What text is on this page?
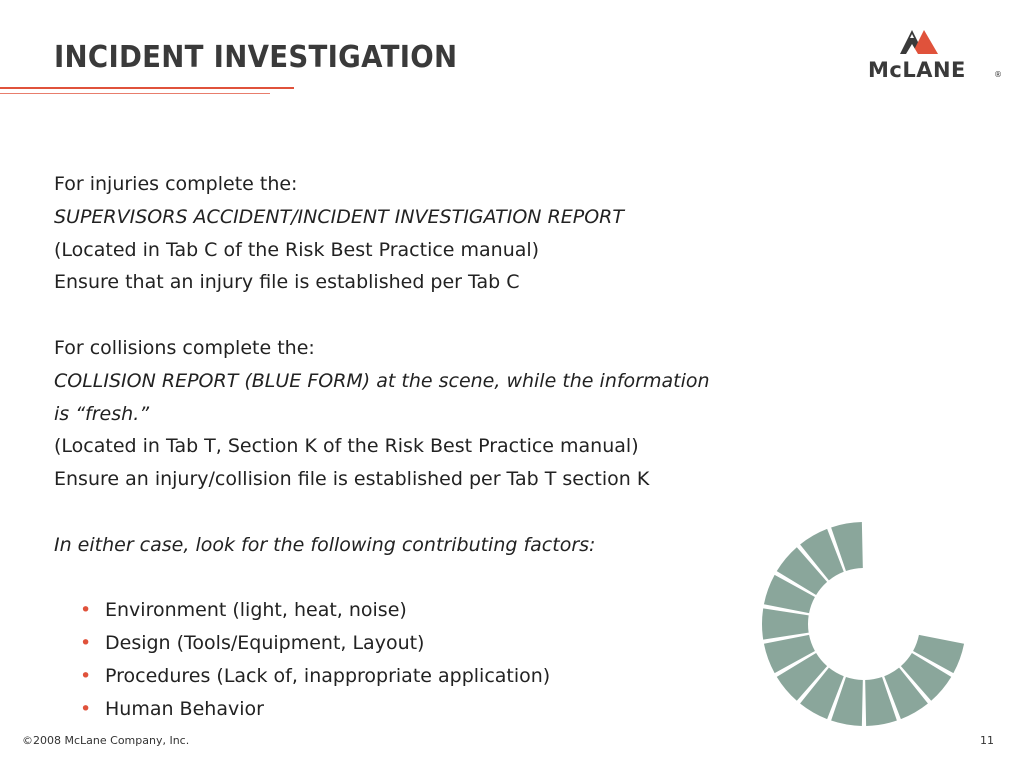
INCIDENT INVESTIGATION	McLANE	®
For injuries complete the:
SUPERVISORS ACCIDENT/INCIDENT INVESTIGATION REPORT
(Located in Tab C of the Risk Best Practice manual)
Ensure that an injury file is established per Tab C
For collisions complete the:
COLLISION REPORT (BLUE FORM) at the scene, while the information
is “fresh.”
(Located in Tab T, Section K of the Risk Best Practice manual)
Ensure an injury/collision file is established per Tab T section K
In either case, look for the following contributing factors:
• Environment (light, heat, noise)
• Design (Tools/Equipment, Layout)
• Procedures (Lack of, inappropriate application)
• Human Behavior
©2008 McLane Company, Inc.	11
